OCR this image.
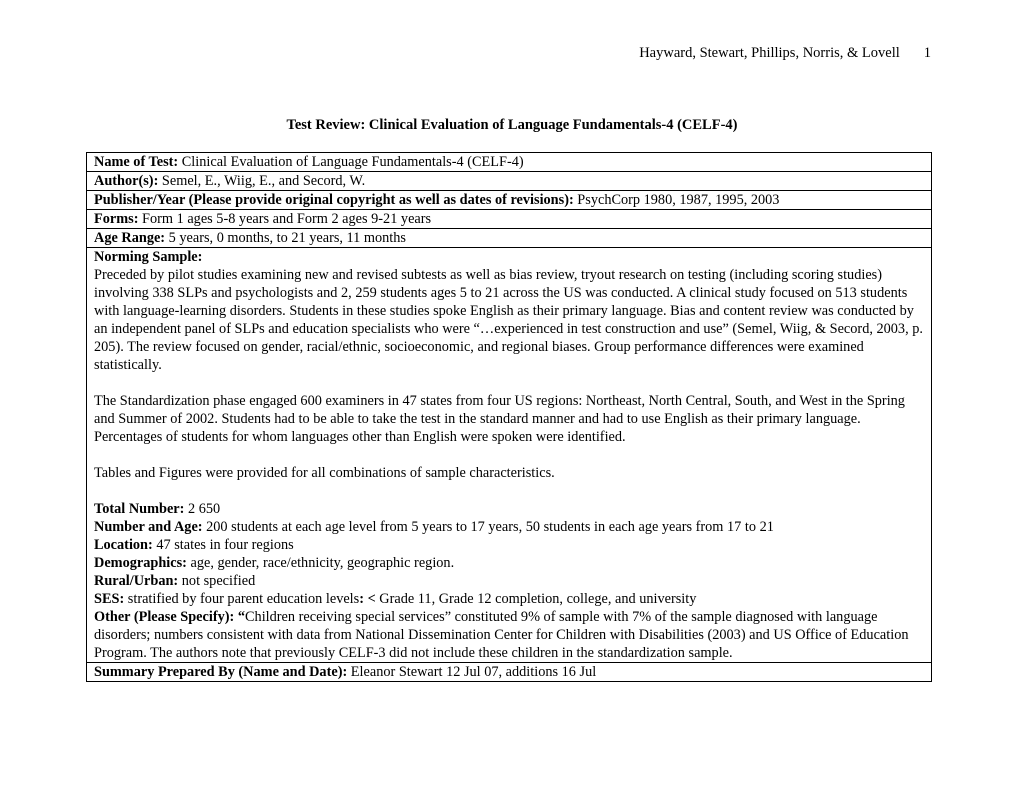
Hayward, Stewart, Phillips, Norris, & Lovell 1
Test Review: Clinical Evaluation of Language Fundamentals-4 (CELF-4)
Name of Test: Clinical Evaluation of Language Fundamentals-4 (CELF-4)
Author(s): Semel, E., Wiig, E., and Secord, W.
Publisher/Year (Please provide original copyright as well as dates of revisions): PsychCorp 1980, 1987, 1995, 2003
Forms: Form 1 ages 5-8 years and Form 2 ages 9-21 years
Age Range: 5 years, 0 months, to 21 years, 11 months

Norming Sample:

Preceded by pilot studies examining new and revised subtests as well as bias review, tryout research on testing (including scoring studies) involving 338 SLPs and psychologists and 2, 259 students ages 5 to 21 across the US was conducted. A clinical study focused on 513 students with language-learning disorders. Students in these studies spoke English as their primary language. Bias and content review was conducted by an independent panel of SLPs and education specialists who were “…experienced in test construction and use” (Semel, Wiig, & Secord, 2003, p. 205). The review focused on gender, racial/ethnic, socioeconomic, and regional biases. Group performance differences were examined statistically.

The Standardization phase engaged 600 examiners in 47 states from four US regions: Northeast, North Central, South, and West in the Spring and Summer of 2002. Students had to be able to take the test in the standard manner and had to use English as their primary language. Percentages of students for whom languages other than English were spoken were identified.

Tables and Figures were provided for all combinations of sample characteristics.

Total Number: 2 650
Number and Age: 200 students at each age level from 5 years to 17 years, 50 students in each age years from 17 to 21
Location: 47 states in four regions
Demographics: age, gender, race/ethnicity, geographic region.
Rural/Urban: not specified
SES: stratified by four parent education levels: < Grade 11, Grade 12 completion, college, and university
Other (Please Specify): “Children receiving special services” constituted 9% of sample with 7% of the sample diagnosed with language disorders; numbers consistent with data from National Dissemination Center for Children with Disabilities (2003) and US Office of Education Program. The authors note that previously CELF-3 did not include these children in the standardization sample.

Summary Prepared By (Name and Date): Eleanor Stewart 12 Jul 07, additions 16 Jul
